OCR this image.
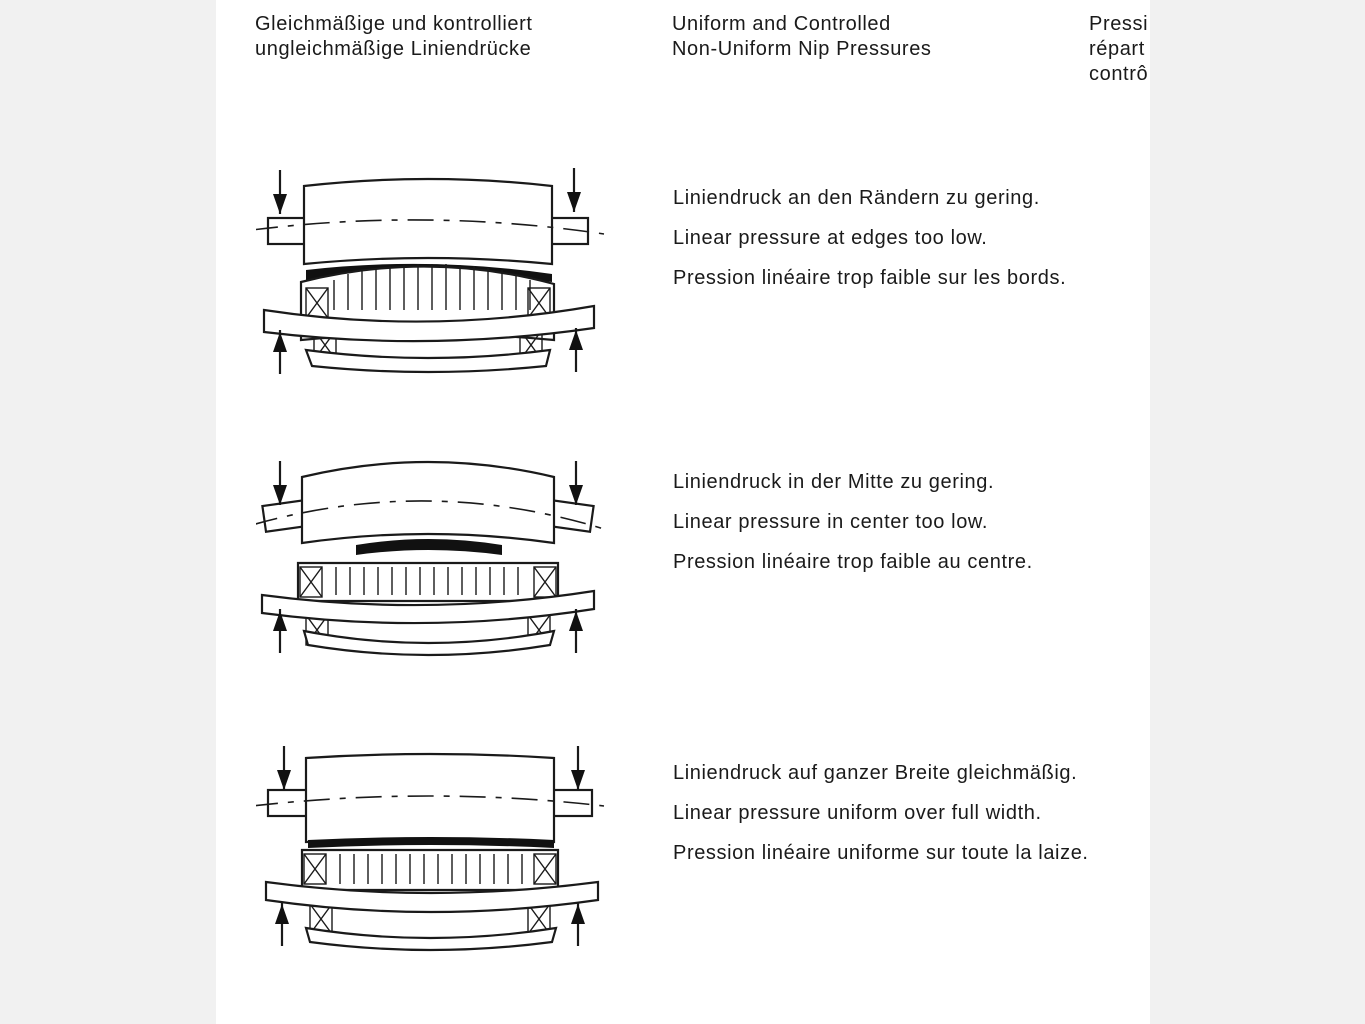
Gleichmäßige und kontrolliert
ungleichmäßige Liniendrücke
Uniform and Controlled
Non-Uniform Nip Pressures
Pressi
répart
contrô

Liniendruck an den Rändern zu gering.

Linear pressure at edges too low.

Pression linéaire trop faible sur les bords.

Liniendruck in der Mitte zu gering.

Linear pressure in center too low.

Pression linéaire trop faible au centre.

Liniendruck auf ganzer Breite gleichmäßig.

Linear pressure uniform over full width.

Pression linéaire uniforme sur toute la laize.
